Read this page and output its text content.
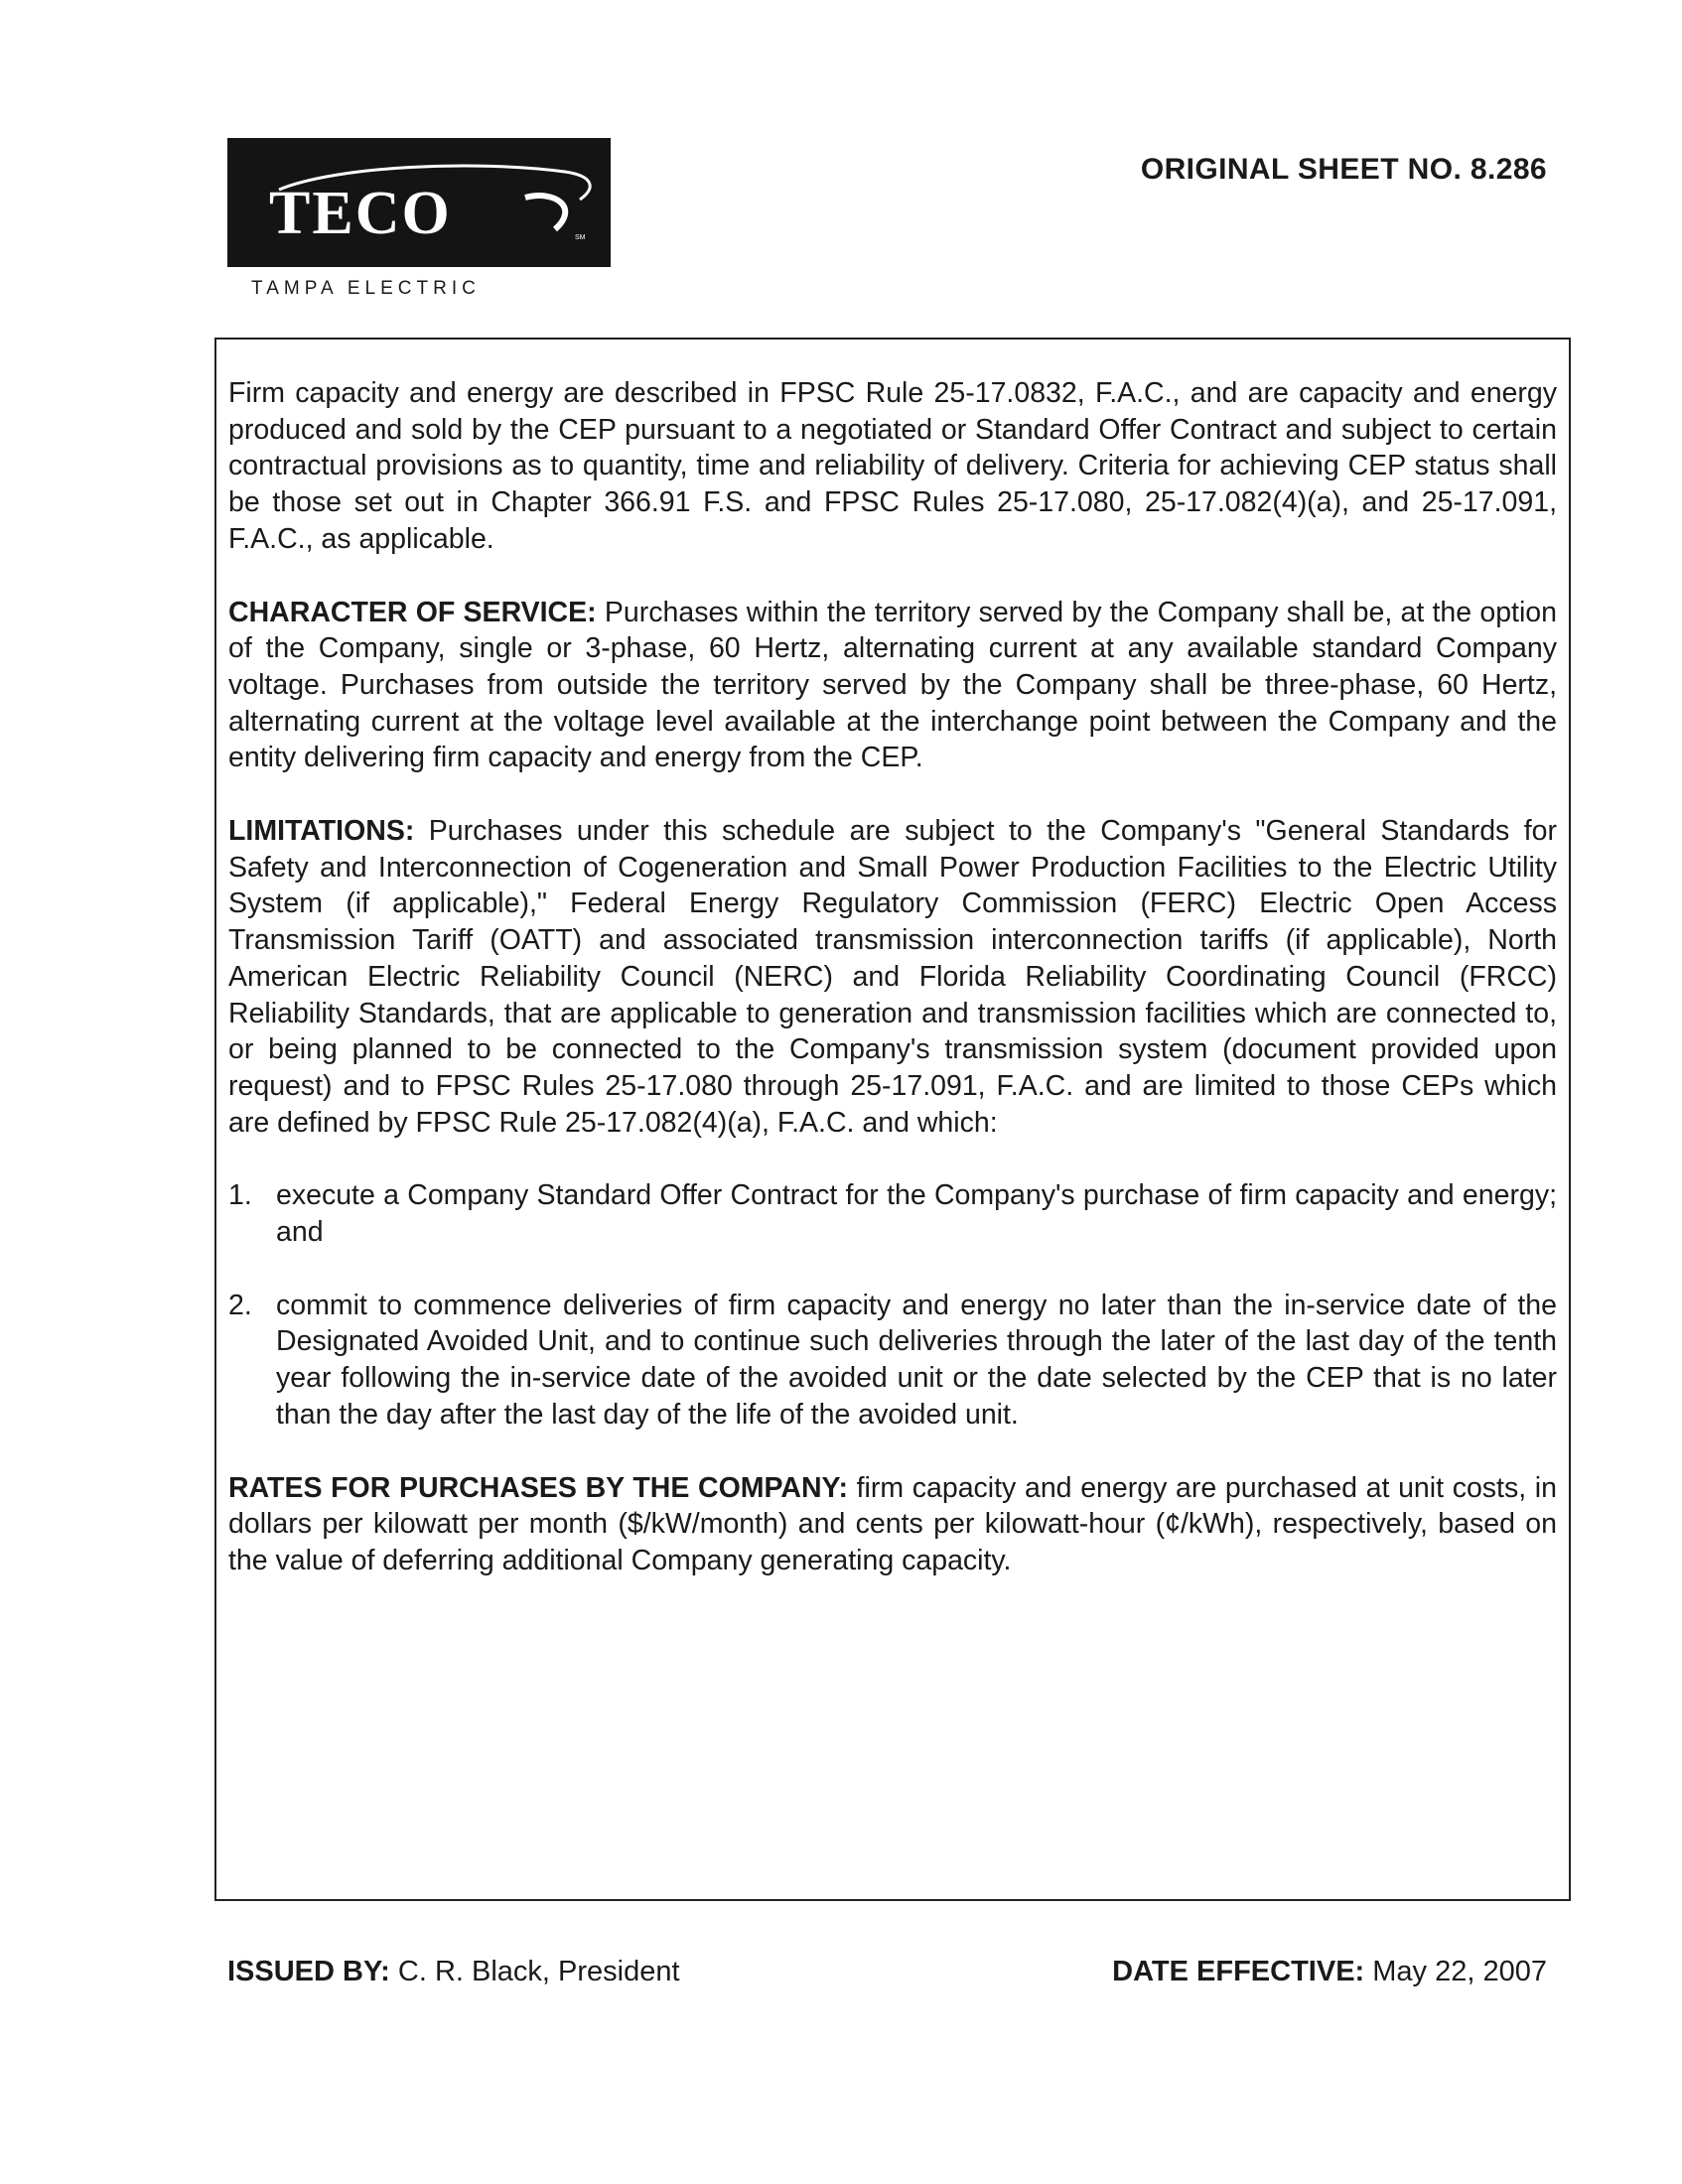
TECO	SM
TAMPA ELECTRIC
ORIGINAL SHEET NO. 8.286

Firm capacity and energy are described in FPSC Rule 25-17.0832, F.A.C., and are capacity and energy produced and sold by the CEP pursuant to a negotiated or Standard Offer Contract and subject to certain contractual provisions as to quantity, time and reliability of delivery. Criteria for achieving CEP status shall be those set out in Chapter 366.91 F.S. and FPSC Rules 25-17.080, 25-17.082(4)(a), and 25-17.091, F.A.C., as applicable.

CHARACTER OF SERVICE: Purchases within the territory served by the Company shall be, at the option of the Company, single or 3-phase, 60 Hertz, alternating current at any available standard Company voltage. Purchases from outside the territory served by the Company shall be three-phase, 60 Hertz, alternating current at the voltage level available at the interchange point between the Company and the entity delivering firm capacity and energy from the CEP.

LIMITATIONS: Purchases under this schedule are subject to the Company's "General Standards for Safety and Interconnection of Cogeneration and Small Power Production Facilities to the Electric Utility System (if applicable)," Federal Energy Regulatory Commission (FERC) Electric Open Access Transmission Tariff (OATT) and associated transmission interconnection tariffs (if applicable), North American Electric Reliability Council (NERC) and Florida Reliability Coordinating Council (FRCC) Reliability Standards, that are applicable to generation and transmission facilities which are connected to, or being planned to be connected to the Company's transmission system (document provided upon request) and to FPSC Rules 25-17.080 through 25-17.091, F.A.C. and are limited to those CEPs which are defined by FPSC Rule 25-17.082(4)(a), F.A.C. and which:

1. execute a Company Standard Offer Contract for the Company's purchase of firm capacity and energy; and
2. commit to commence deliveries of firm capacity and energy no later than the in-service date of the Designated Avoided Unit, and to continue such deliveries through the later of the last day of the tenth year following the in-service date of the avoided unit or the date selected by the CEP that is no later than the day after the last day of the life of the avoided unit.

RATES FOR PURCHASES BY THE COMPANY: firm capacity and energy are purchased at unit costs, in dollars per kilowatt per month ($/kW/month) and cents per kilowatt-hour (¢/kWh), respectively, based on the value of deferring additional Company generating capacity.

ISSUED BY: C. R. Black, President	DATE EFFECTIVE: May 22, 2007
